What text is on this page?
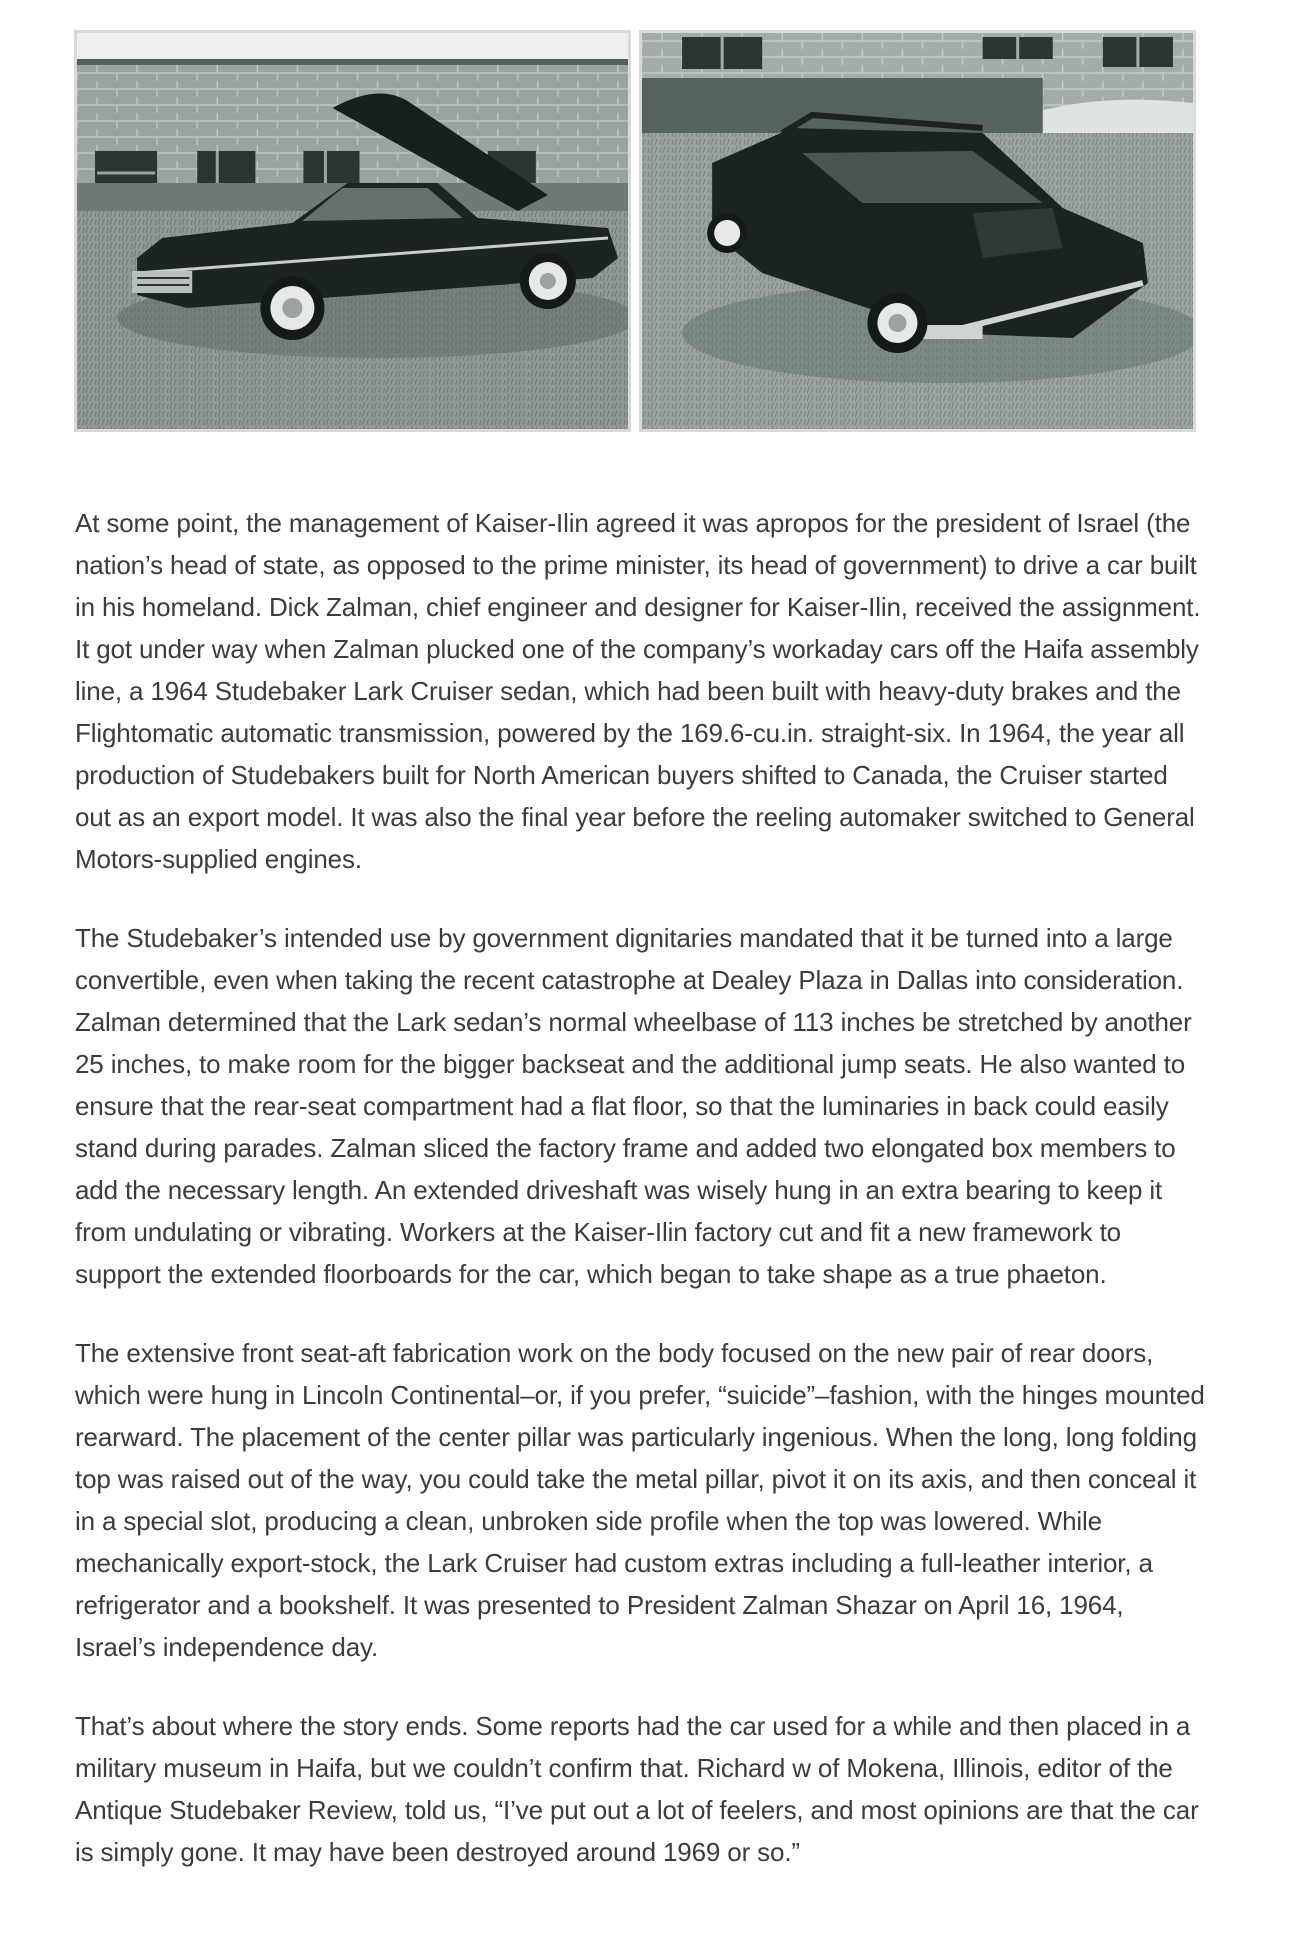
At some point, the management of Kaiser-Ilin agreed it was apropos for the president of Israel (the nation’s head of state, as opposed to the prime minister, its head of government) to drive a car built in his homeland. Dick Zalman, chief engineer and designer for Kaiser-Ilin, received the assignment. It got under way when Zalman plucked one of the company’s workaday cars off the Haifa assembly line, a 1964 Studebaker Lark Cruiser sedan, which had been built with heavy-duty brakes and the Flightomatic automatic transmission, powered by the 169.6-cu.in. straight-six. In 1964, the year all production of Studebakers built for North American buyers shifted to Canada, the Cruiser started out as an export model. It was also the final year before the reeling automaker switched to General Motors-supplied engines.

The Studebaker’s intended use by government dignitaries mandated that it be turned into a large convertible, even when taking the recent catastrophe at Dealey Plaza in Dallas into consideration. Zalman determined that the Lark sedan’s normal wheelbase of 113 inches be stretched by another 25 inches, to make room for the bigger backseat and the additional jump seats. He also wanted to ensure that the rear-seat compartment had a flat floor, so that the luminaries in back could easily stand during parades. Zalman sliced the factory frame and added two elongated box members to add the necessary length. An extended driveshaft was wisely hung in an extra bearing to keep it from undulating or vibrating. Workers at the Kaiser-Ilin factory cut and fit a new framework to support the extended floorboards for the car, which began to take shape as a true phaeton.

The extensive front seat-aft fabrication work on the body focused on the new pair of rear doors, which were hung in Lincoln Continental–or, if you prefer, “suicide”–fashion, with the hinges mounted rearward. The placement of the center pillar was particularly ingenious. When the long, long folding top was raised out of the way, you could take the metal pillar, pivot it on its axis, and then conceal it in a special slot, producing a clean, unbroken side profile when the top was lowered. While mechanically export-stock, the Lark Cruiser had custom extras including a full-leather interior, a refrigerator and a bookshelf. It was presented to President Zalman Shazar on April 16, 1964, Israel’s independence day.

That’s about where the story ends. Some reports had the car used for a while and then placed in a military museum in Haifa, but we couldn’t confirm that. Richard w of Mokena, Illinois, editor of the Antique Studebaker Review, told us, “I’ve put out a lot of feelers, and most opinions are that the car is simply gone. It may have been destroyed around 1969 or so.”
